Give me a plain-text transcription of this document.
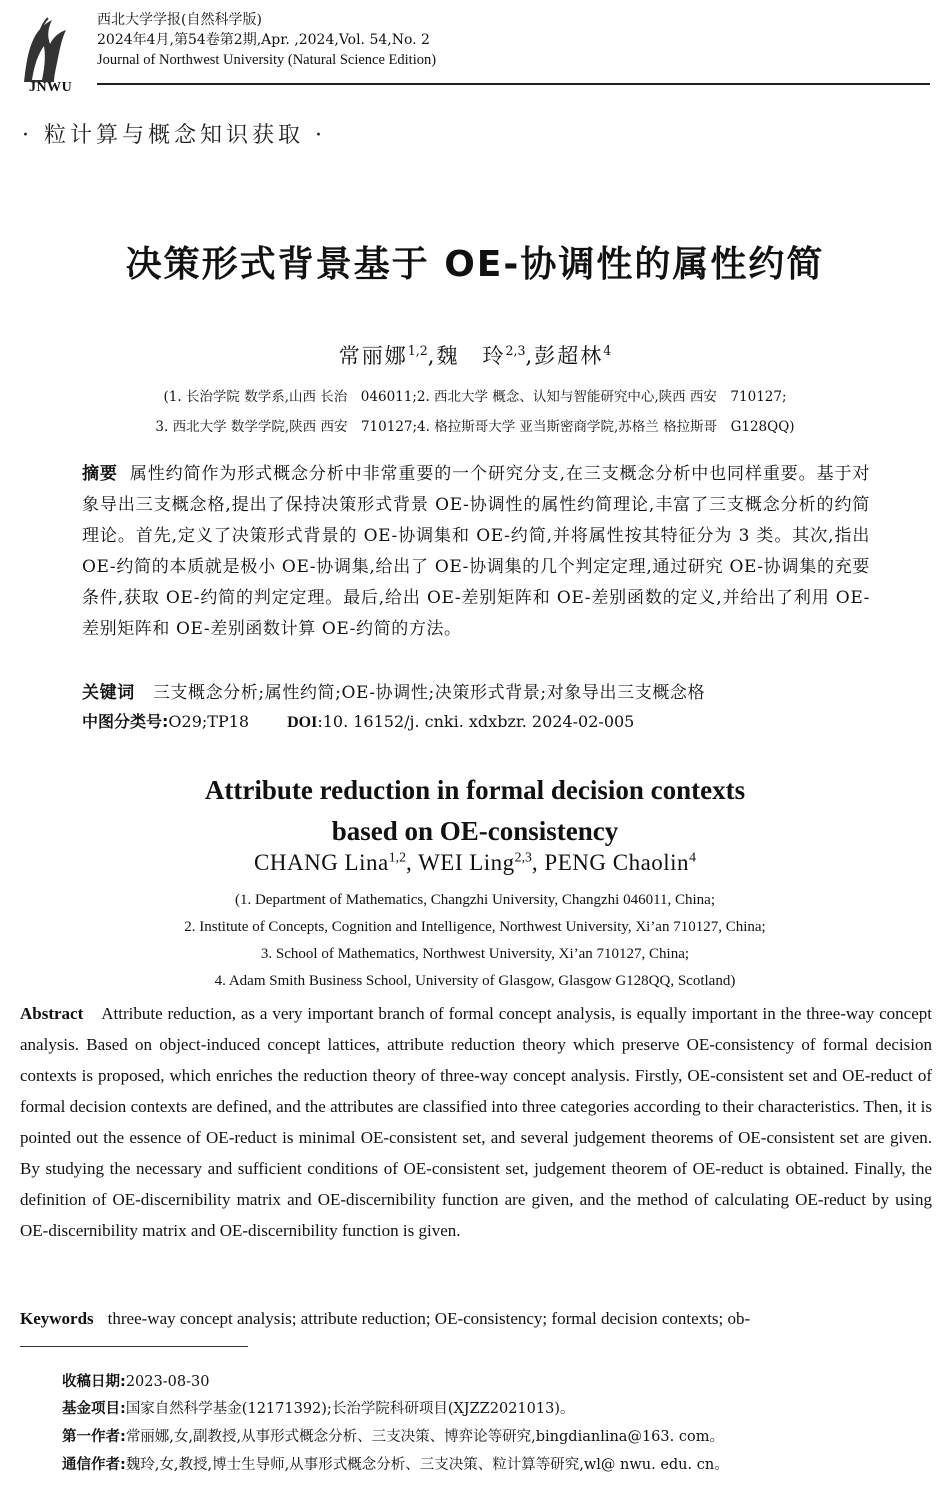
JNWU
西北大学学报(自然科学版)
2024年4月,第54卷第2期,Apr. ,2024,Vol. 54,No. 2
Journal of Northwest University (Natural Science Edition)
· 粒计算与概念知识获取 ·
决策形式背景基于 OE-协调性的属性约简
常丽娜$^{1,2}$,魏　玲$^{2,3}$,彭超林$^4$
(1. 长治学院 数学系,山西 长治　046011;2. 西北大学 概念、认知与智能研究中心,陕西 西安　710127;
3. 西北大学 数学学院,陕西 西安　710127;4. 格拉斯哥大学 亚当斯密商学院,苏格兰 格拉斯哥　G128QQ)
摘要 属性约简作为形式概念分析中非常重要的一个研究分支,在三支概念分析中也同样重要。基于对象导出三支概念格,提出了保持决策形式背景 OE-协调性的属性约简理论,丰富了三支概念分析的约简理论。首先,定义了决策形式背景的 OE-协调集和 OE-约简,并将属性按其特征分为 3 类。其次,指出 OE-约简的本质就是极小 OE-协调集,给出了 OE-协调集的几个判定定理,通过研究 OE-协调集的充要条件,获取 OE-约简的判定定理。最后,给出 OE-差别矩阵和 OE-差别函数的定义,并给出了利用 OE-差别矩阵和 OE-差别函数计算 OE-约简的方法。
关键词 三支概念分析;属性约简;OE-协调性;决策形式背景;对象导出三支概念格
中图分类号:O29;TP18 DOI:10. 16152/j. cnki. xdxbzr. 2024-02-005
Attribute reduction in formal decision contexts
based on OE-consistency
CHANG Lina$^{1,2}$, WEI Ling$^{2,3}$, PENG Chaolin$^4$
(1. Department of Mathematics, Changzhi University, Changzhi 046011, China;
2. Institute of Concepts, Cognition and Intelligence, Northwest University, Xi’an 710127, China;
3. School of Mathematics, Northwest University, Xi’an 710127, China;
4. Adam Smith Business School, University of Glasgow, Glasgow G128QQ, Scotland)
Abstract Attribute reduction, as a very important branch of formal concept analysis, is equally important in the three-way concept analysis. Based on object-induced concept lattices, attribute reduction theory which preserve OE-consistency of formal decision contexts is proposed, which enriches the reduction theory of three-way concept analysis. Firstly, OE-consistent set and OE-reduct of formal decision contexts are defined, and the attributes are classified into three categories according to their characteristics. Then, it is pointed out the essence of OE-reduct is minimal OE-consistent set, and several judgement theorems of OE-consistent set are given. By studying the necessary and sufficient conditions of OE-consistent set, judgement theorem of OE-reduct is obtained. Finally, the definition of OE-discernibility matrix and OE-discernibility function are given, and the method of calculating OE-reduct by using OE-discernibility matrix and OE-discernibility function is given.
Keywords three-way concept analysis; attribute reduction; OE-consistency; formal decision contexts; ob-
收稿日期:2023-08-30
基金项目:国家自然科学基金(12171392);长治学院科研项目(XJZZ2021013)。
第一作者:常丽娜,女,副教授,从事形式概念分析、三支决策、博弈论等研究,bingdianlina@163. com。
通信作者:魏玲,女,教授,博士生导师,从事形式概念分析、三支决策、粒计算等研究,wl@ nwu. edu. cn。
